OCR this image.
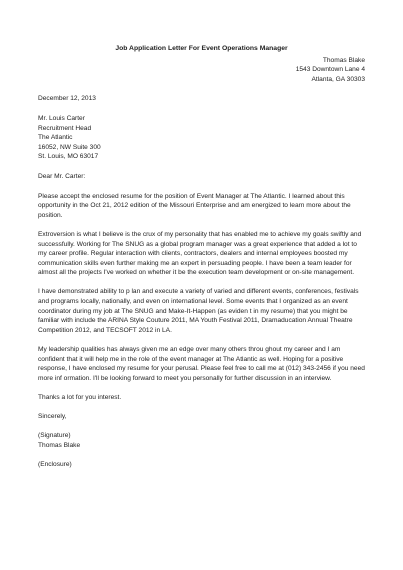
Job Application Letter For Event Operations Manager
Thomas Blake
1543 Downtown Lane 4
Atlanta, GA 30303
December 12, 2013
Mr. Louis Carter
Recruitment Head
The Atlantic
16052, NW Suite 300
St. Louis, MO 63017
Dear Mr. Carter:

Please accept the enclosed resume for the position of Event Manager at The Atlantic. I learned about this opportunity in the Oct 21, 2012 edition of the Missouri Enterprise and am energized to learn more about the position.

Extroversion is what I believe is the crux of my personality that has enabled me to achieve my goals swiftly and successfully. Working for The SNUG as a global program manager was a great experience that added a lot to my career profile. Regular interaction with clients, contractors, dealers and internal employees boosted my communication skills even further making me an expert in persuading people. I have been a team leader for almost all the projects I've worked on whether it be the execution team development or on-site management.

I have demonstrated ability to p lan and execute a variety of varied and different events, conferences, festivals and programs locally, nationally, and even on international level. Some events that I organized as an event coordinator during my job at The SNUG and Make-It-Happen (as eviden t in my resume) that you might be familiar with include the ARINA Style Couture 2011, MA Youth Festival 2011, Dramaducation Annual Theatre Competition 2012, and TECSOFT 2012 in LA.

My leadership qualities has always given me an edge over many others throu ghout my career and I am confident that it will help me in the role of the event manager at The Atlantic as well. Hoping for a positive response, I have enclosed my resume for your perusal. Please feel free to call me at (012) 343-2456 if you need more inf ormation. I'll be looking forward to meet you personally for further discussion in an interview.

Thanks a lot for you interest.

Sincerely,
(Signature)
Thomas Blake
(Enclosure)
